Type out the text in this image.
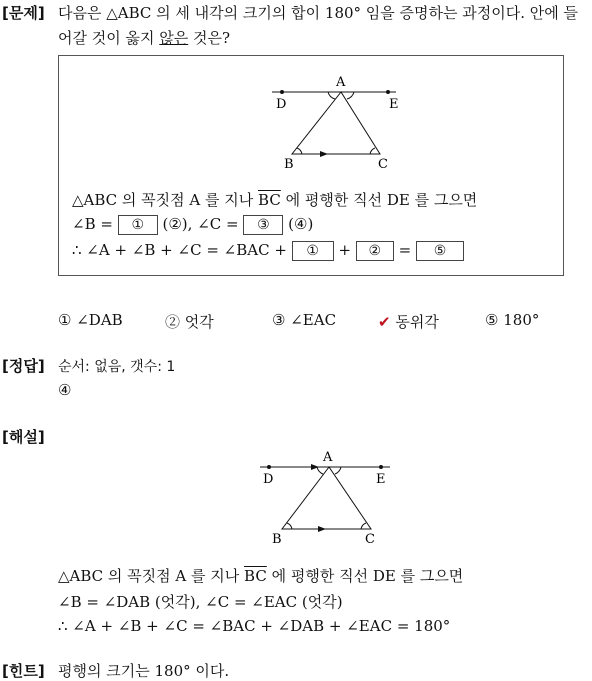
[문제] 다음은 △ABC 의 세 내각의 크기의 합이 180° 임을 증명하는 과정이다. 안에 들
어갈 것이 옳지 않은 것은?
A
D	E
B	C
△ABC 의 꼭짓점 A 를 지나 $\overline{BC}$ 에 평행한 직선 DE 를 그으면
∠B = ① (②), ∠C = ③ (④)
∴ ∠A + ∠B + ∠C = ∠BAC + ① + ② = ⑤
① ∠DAB	② 엇각	③ ∠EAC	✔ 동위각	⑤ 180°
[정답] 순서: 없음, 갯수: 1
④
[해설]
A
D	E
B	C
△ABC 의 꼭짓점 A 를 지나 $\overline{BC}$ 에 평행한 직선 DE 를 그으면
∠B = ∠DAB (엇각), ∠C = ∠EAC (엇각)
∴ ∠A + ∠B + ∠C = ∠BAC + ∠DAB + ∠EAC = 180°
[힌트] 평행의 크기는 180° 이다.
